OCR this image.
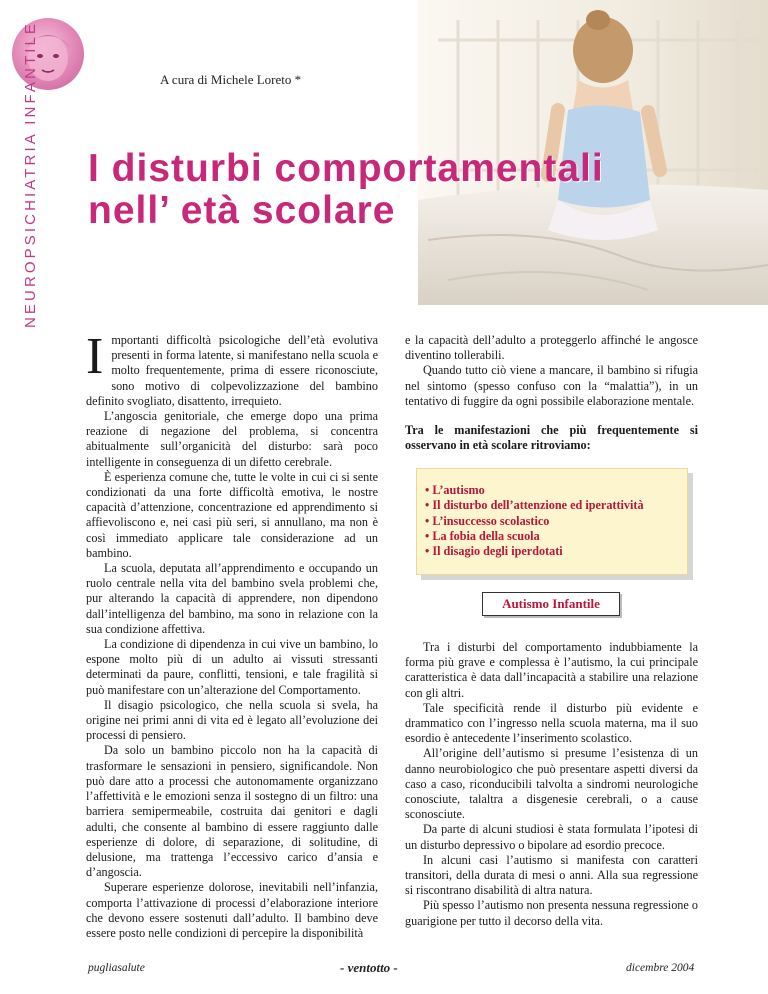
NEUROPSICHIATRIA INFANTILE	A cura di Michele Loreto *
I disturbi comportamentali
nell’ età scolare

Importanti difficoltà psicologiche dell’età evolutiva presenti in forma latente, si manifestano nella scuola e molto frequentemente, prima di essere riconosciute, sono motivo di colpevolizzazione del bambino definito svogliato, disattento, irrequieto.

L’angoscia genitoriale, che emerge dopo una prima reazione di negazione del problema, si concentra abitualmente sull’organicità del disturbo: sarà poco intelligente in conseguenza di un difetto cerebrale.

È esperienza comune che, tutte le volte in cui ci si sente condizionati da una forte difficoltà emotiva, le nostre capacità d’attenzione, concentrazione ed apprendimento si affievoliscono e, nei casi più seri, si annullano, ma non è così immediato applicare tale considerazione ad un bambino.

La scuola, deputata all’apprendimento e occupando un ruolo centrale nella vita del bambino svela problemi che, pur alterando la capacità di apprendere, non dipendono dall’intelligenza del bambino, ma sono in relazione con la sua condizione affettiva.

La condizione di dipendenza in cui vive un bambino, lo espone molto più di un adulto ai vissuti stressanti determinati da paure, conflitti, tensioni, e tale fragilità si può manifestare con un’alterazione del Comportamento.

Il disagio psicologico, che nella scuola si svela, ha origine nei primi anni di vita ed è legato all’evoluzione dei processi di pensiero.

Da solo un bambino piccolo non ha la capacità di trasformare le sensazioni in pensiero, significandole. Non può dare atto a processi che autonomamente organizzano l’affettività e le emozioni senza il sostegno di un filtro: una barriera semipermeabile, costruita dai genitori e dagli adulti, che consente al bambino di essere raggiunto dalle esperienze di dolore, di separazione, di solitudine, di delusione, ma trattenga l’eccessivo carico d’ansia e d’angoscia.

Superare esperienze dolorose, inevitabili nell’infanzia, comporta l’attivazione di processi d’elaborazione interiore che devono essere sostenuti dall’adulto. Il bambino deve essere posto nelle condizioni di percepire la disponibilità

e la capacità dell’adulto a proteggerlo affinché le angosce diventino tollerabili.

Quando tutto ciò viene a mancare, il bambino si rifugia nel sintomo (spesso confuso con la “malattia”), in un tentativo di fuggire da ogni possibile elaborazione mentale.

Tra le manifestazioni che più frequentemente si osservano in età scolare ritroviamo:

• L’autismo
• Il disturbo dell’attenzione ed iperattività
• L’insuccesso scolastico
• La fobia della scuola
• Il disagio degli iperdotati
Autismo Infantile

Tra i disturbi del comportamento indubbiamente la forma più grave e complessa è l’autismo, la cui principale caratteristica è data dall’incapacità a stabilire una relazione con gli altri.

Tale specificità rende il disturbo più evidente e drammatico con l’ingresso nella scuola materna, ma il suo esordio è antecedente l’inserimento scolastico.

All’origine dell’autismo si presume l’esistenza di un danno neurobiologico che può presentare aspetti diversi da caso a caso, riconducibili talvolta a sindromi neurologiche conosciute, talaltra a disgenesie cerebrali, o a cause sconosciute.

Da parte di alcuni studiosi è stata formulata l’ipotesi di un disturbo depressivo o bipolare ad esordio precoce.

In alcuni casi l’autismo si manifesta con caratteri transitori, della durata di mesi o anni. Alla sua regressione si riscontrano disabilità di altra natura.

Più spesso l’autismo non presenta nessuna regressione o guarigione per tutto il decorso della vita.

pugliasalute	- ventotto -	dicembre 2004
